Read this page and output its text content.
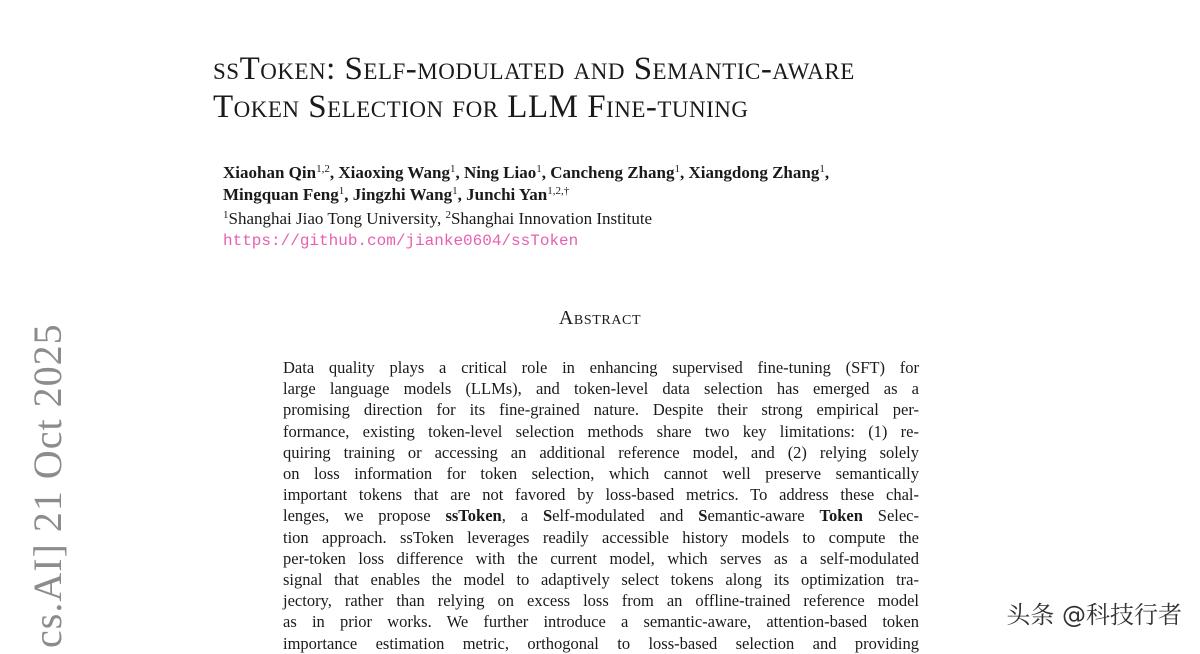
ssToken: Self-modulated and Semantic-aware
Token Selection for LLM Fine-tuning
Xiaohan Qin$^{1,2}$, Xiaoxing Wang$^1$, Ning Liao$^1$, Cancheng Zhang$^1$, Xiangdong Zhang$^1$,
Mingquan Feng$^1$, Jingzhi Wang$^1$, Junchi Yan$^{1,2,\dagger}$
$^1$Shanghai Jiao Tong University, $^2$Shanghai Innovation Institute
https://github.com/jianke0604/ssToken
Abstract
Data quality plays a critical role in enhancing supervised fine-tuning (SFT) for
large language models (LLMs), and token-level data selection has emerged as a
promising direction for its fine-grained nature. Despite their strong empirical per-
formance, existing token-level selection methods share two key limitations: (1) re-
quiring training or accessing an additional reference model, and (2) relying solely
on loss information for token selection, which cannot well preserve semantically
important tokens that are not favored by loss-based metrics. To address these chal-
lenges, we propose ssToken, a Self-modulated and Semantic-aware Token Selec-
tion approach. ssToken leverages readily accessible history models to compute the
per-token loss difference with the current model, which serves as a self-modulated
signal that enables the model to adaptively select tokens along its optimization tra-
jectory, rather than relying on excess loss from an offline-trained reference model
as in prior works. We further introduce a semantic-aware, attention-based token
importance estimation metric, orthogonal to loss-based selection and providing
cs.AI] 21 Oct 2025	头条 @科技行者
